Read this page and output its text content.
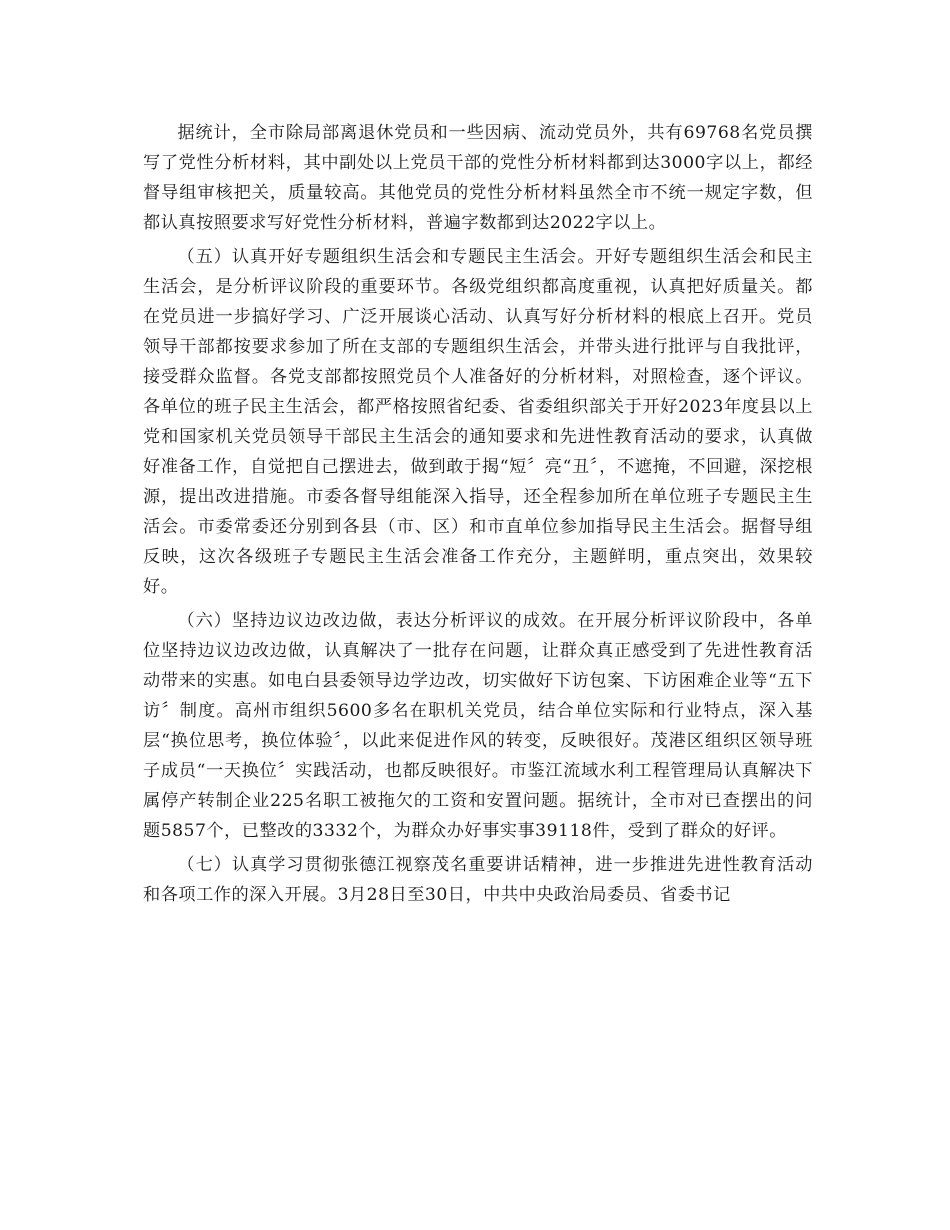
据统计，全市除局部离退休党员和一些因病、流动党员外，共有69768名党员撰写了党性分析材料，其中副处以上党员干部的党性分析材料都到达3000字以上，都经督导组审核把关，质量较高。其他党员的党性分析材料虽然全市不统一规定字数，但都认真按照要求写好党性分析材料，普遍字数都到达2022字以上。

（五）认真开好专题组织生活会和专题民主生活会。开好专题组织生活会和民主生活会，是分析评议阶段的重要环节。各级党组织都高度重视，认真把好质量关。都在党员进一步搞好学习、广泛开展谈心活动、认真写好分析材料的根底上召开。党员领导干部都按要求参加了所在支部的专题组织生活会，并带头进行批评与自我批评，接受群众监督。各党支部都按照党员个人准备好的分析材料，对照检查，逐个评议。各单位的班子民主生活会，都严格按照省纪委、省委组织部关于开好2023年度县以上党和国家机关党员领导干部民主生活会的通知要求和先进性教育活动的要求，认真做好准备工作，自觉把自己摆进去，做到敢于揭“短〞亮“丑〞，不遮掩，不回避，深挖根源，提出改进措施。市委各督导组能深入指导，还全程参加所在单位班子专题民主生活会。市委常委还分别到各县（市、区）和市直单位参加指导民主生活会。据督导组反映，这次各级班子专题民主生活会准备工作充分，主题鲜明，重点突出，效果较好。

（六）坚持边议边改边做，表达分析评议的成效。在开展分析评议阶段中，各单位坚持边议边改边做，认真解决了一批存在问题，让群众真正感受到了先进性教育活动带来的实惠。如电白县委领导边学边改，切实做好下访包案、下访困难企业等“五下访〞制度。高州市组织5600多名在职机关党员，结合单位实际和行业特点，深入基层“换位思考，换位体验〞，以此来促进作风的转变，反映很好。茂港区组织区领导班子成员“一天换位〞实践活动，也都反映很好。市鉴江流域水利工程管理局认真解决下属停产转制企业225名职工被拖欠的工资和安置问题。据统计，全市对已查摆出的问题5857个，已整改的3332个，为群众办好事实事39118件，受到了群众的好评。

（七）认真学习贯彻张德江视察茂名重要讲话精神，进一步推进先进性教育活动和各项工作的深入开展。3月28日至30日，中共中央政治局委员、省委书记
